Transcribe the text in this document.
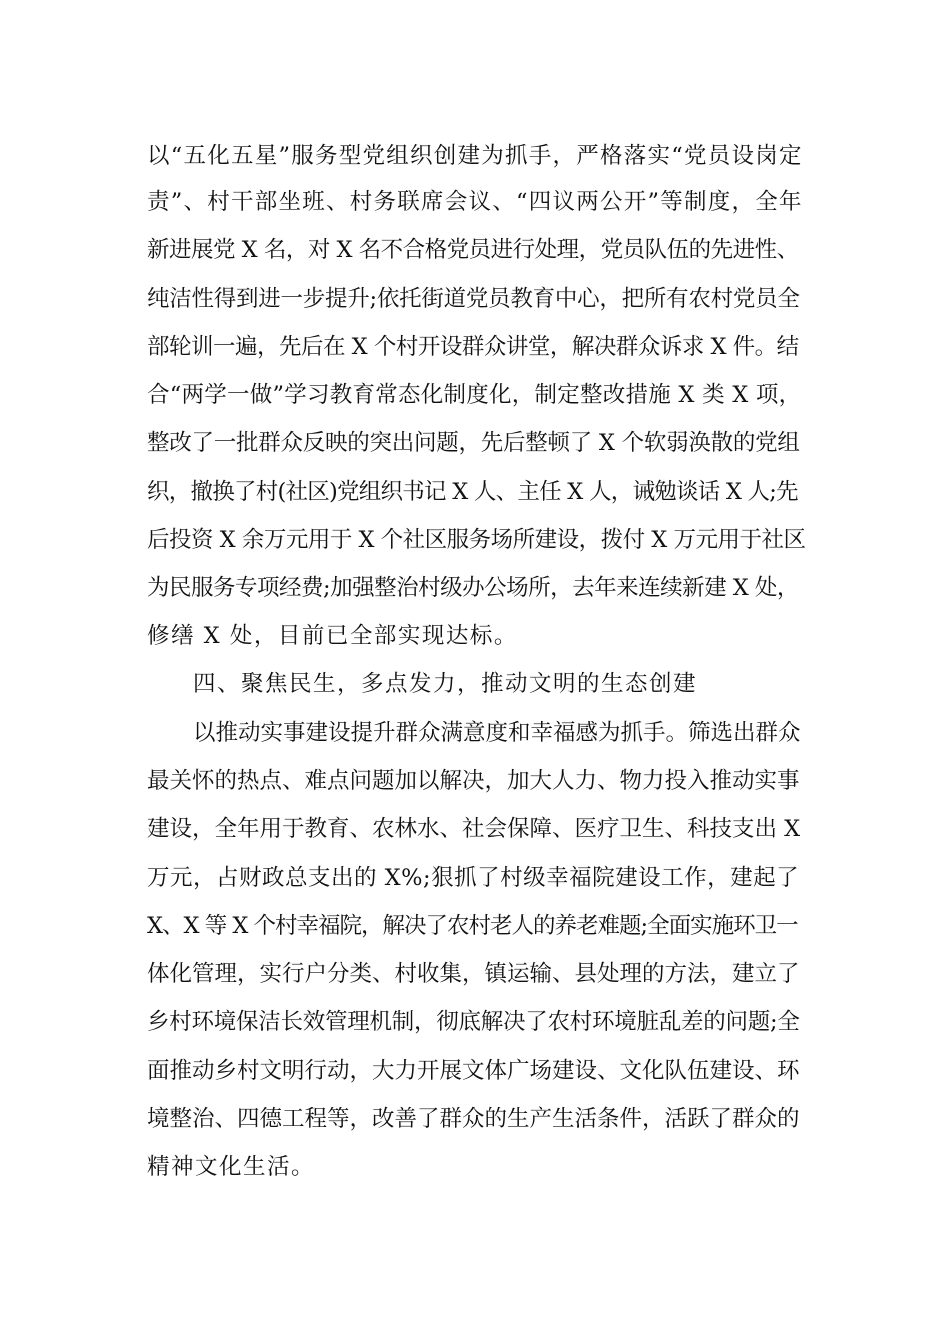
以“五化五星”服务型党组织创建为抓手，严格落实“党员设岗定
责”、村干部坐班、村务联席会议、“四议两公开”等制度，全年
新进展党 X 名，对 X 名不合格党员进行处理，党员队伍的先进性、
纯洁性得到进一步提升;依托街道党员教育中心，把所有农村党员全
部轮训一遍，先后在 X 个村开设群众讲堂，解决群众诉求 X 件。结
合“两学一做”学习教育常态化制度化，制定整改措施 X 类 X 项，
整改了一批群众反映的突出问题，先后整顿了 X 个软弱涣散的党组
织，撤换了村(社区)党组织书记 X 人、主任 X 人，诫勉谈话 X 人;先
后投资 X 余万元用于 X 个社区服务场所建设，拨付 X 万元用于社区
为民服务专项经费;加强整治村级办公场所，去年来连续新建 X 处，
修缮 X 处，目前已全部实现达标。
四、聚焦民生，多点发力，推动文明的生态创建
以推动实事建设提升群众满意度和幸福感为抓手。筛选出群众
最关怀的热点、难点问题加以解决，加大人力、物力投入推动实事
建设，全年用于教育、农林水、社会保障、医疗卫生、科技支出 X
万元，占财政总支出的 X%;狠抓了村级幸福院建设工作，建起了
X、X 等 X 个村幸福院，解决了农村老人的养老难题;全面实施环卫一
体化管理，实行户分类、村收集，镇运输、县处理的方法，建立了
乡村环境保洁长效管理机制，彻底解决了农村环境脏乱差的问题;全
面推动乡村文明行动，大力开展文体广场建设、文化队伍建设、环
境整治、四德工程等，改善了群众的生产生活条件，活跃了群众的
精神文化生活。
